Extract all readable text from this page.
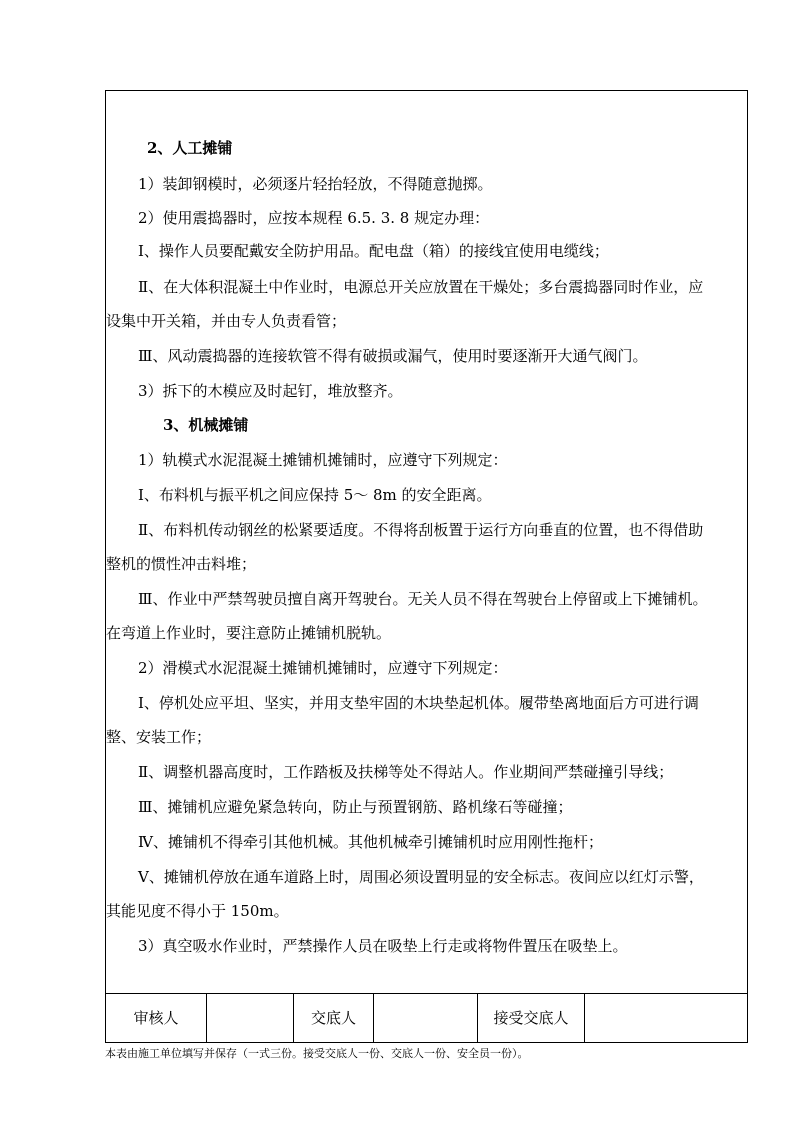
2、人工摊铺
1）装卸钢模时，必须逐片轻抬轻放，不得随意抛掷。
2）使用震捣器时，应按本规程 6.5. 3. 8 规定办理：
Ⅰ、操作人员要配戴安全防护用品。配电盘（箱）的接线宜使用电缆线；
Ⅱ、在大体积混凝土中作业时，电源总开关应放置在干燥处；多台震捣器同时作业，应
设集中开关箱，并由专人负责看管；
Ⅲ、风动震捣器的连接软管不得有破损或漏气，使用时要逐渐开大通气阀门。
3）拆下的木模应及时起钉，堆放整齐。
3、机械摊铺
1）轨模式水泥混凝土摊铺机摊铺时，应遵守下列规定：
Ⅰ、布料机与振平机之间应保持 5～ 8m 的安全距离。
Ⅱ、布料机传动钢丝的松紧要适度。不得将刮板置于运行方向垂直的位置，也不得借助
整机的惯性冲击料堆；
Ⅲ、作业中严禁驾驶员擅自离开驾驶台。无关人员不得在驾驶台上停留或上下摊铺机。
在弯道上作业时，要注意防止摊铺机脱轨。
2）滑模式水泥混凝土摊铺机摊铺时，应遵守下列规定：
Ⅰ、停机处应平坦、坚实，并用支垫牢固的木块垫起机体。履带垫离地面后方可进行调
整、安装工作；
Ⅱ、调整机器高度时，工作踏板及扶梯等处不得站人。作业期间严禁碰撞引导线；
Ⅲ、摊铺机应避免紧急转向，防止与预置钢筋、路机缘石等碰撞；
Ⅳ、摊铺机不得牵引其他机械。其他机械牵引摊铺机时应用刚性拖杆；
Ⅴ、摊铺机停放在通车道路上时，周围必须设置明显的安全标志。夜间应以红灯示警，
其能见度不得小于 150m。
3）真空吸水作业时，严禁操作人员在吸垫上行走或将物件置压在吸垫上。
审核人	交底人	接受交底人
本表由施工单位填写并保存（一式三份。接受交底人一份、交底人一份、安全员一份）。
